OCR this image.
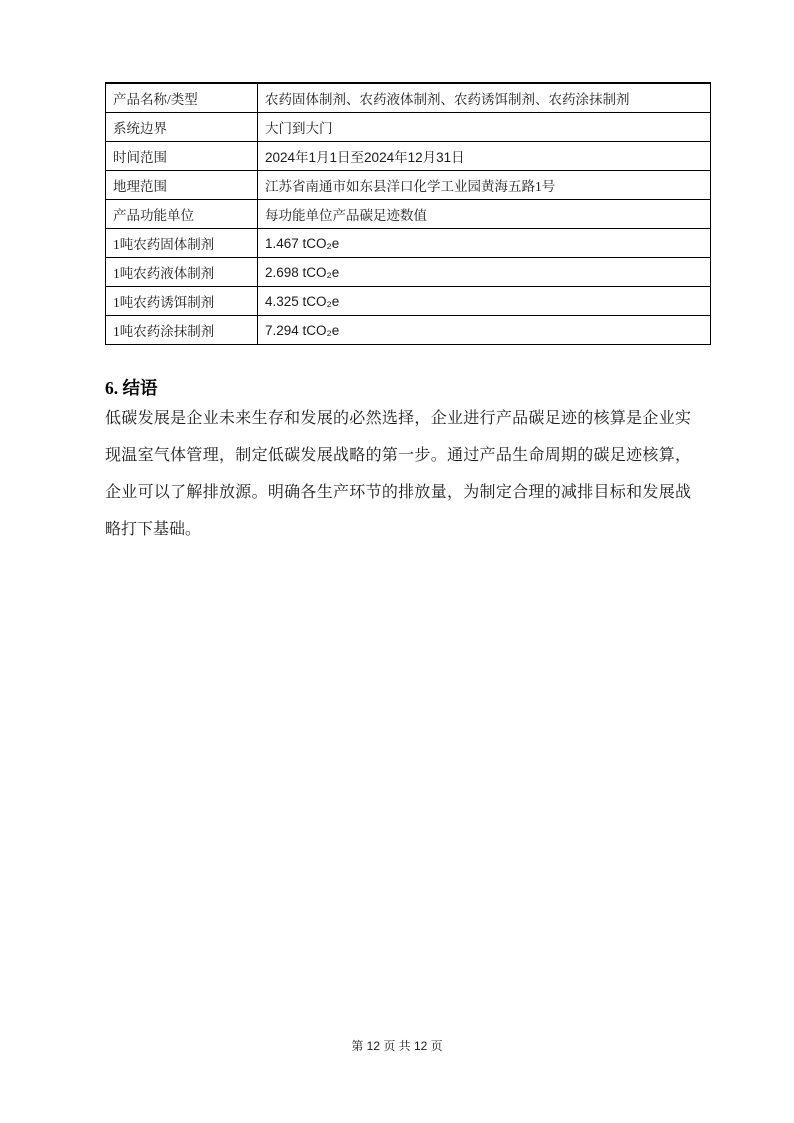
产品名称/类型	农药固体制剂、农药液体制剂、农药诱饵制剂、农药涂抹制剂
系统边界	大门到大门
时间范围	2024年1月1日至2024年12月31日
地理范围	江苏省南通市如东县洋口化学工业园黄海五路1号
产品功能单位	每功能单位产品碳足迹数值
1吨农药固体制剂	1.467 tCO₂e
1吨农药液体制剂	2.698 tCO₂e
1吨农药诱饵制剂	4.325 tCO₂e
1吨农药涂抹制剂	7.294 tCO₂e
6. 结语

低碳发展是企业未来生存和发展的必然选择，企业进行产品碳足迹的核算是企业实现温室气体管理，制定低碳发展战略的第一步。通过产品生命周期的碳足迹核算，企业可以了解排放源。明确各生产环节的排放量，为制定合理的减排目标和发展战略打下基础。

第 12 页 共 12 页
